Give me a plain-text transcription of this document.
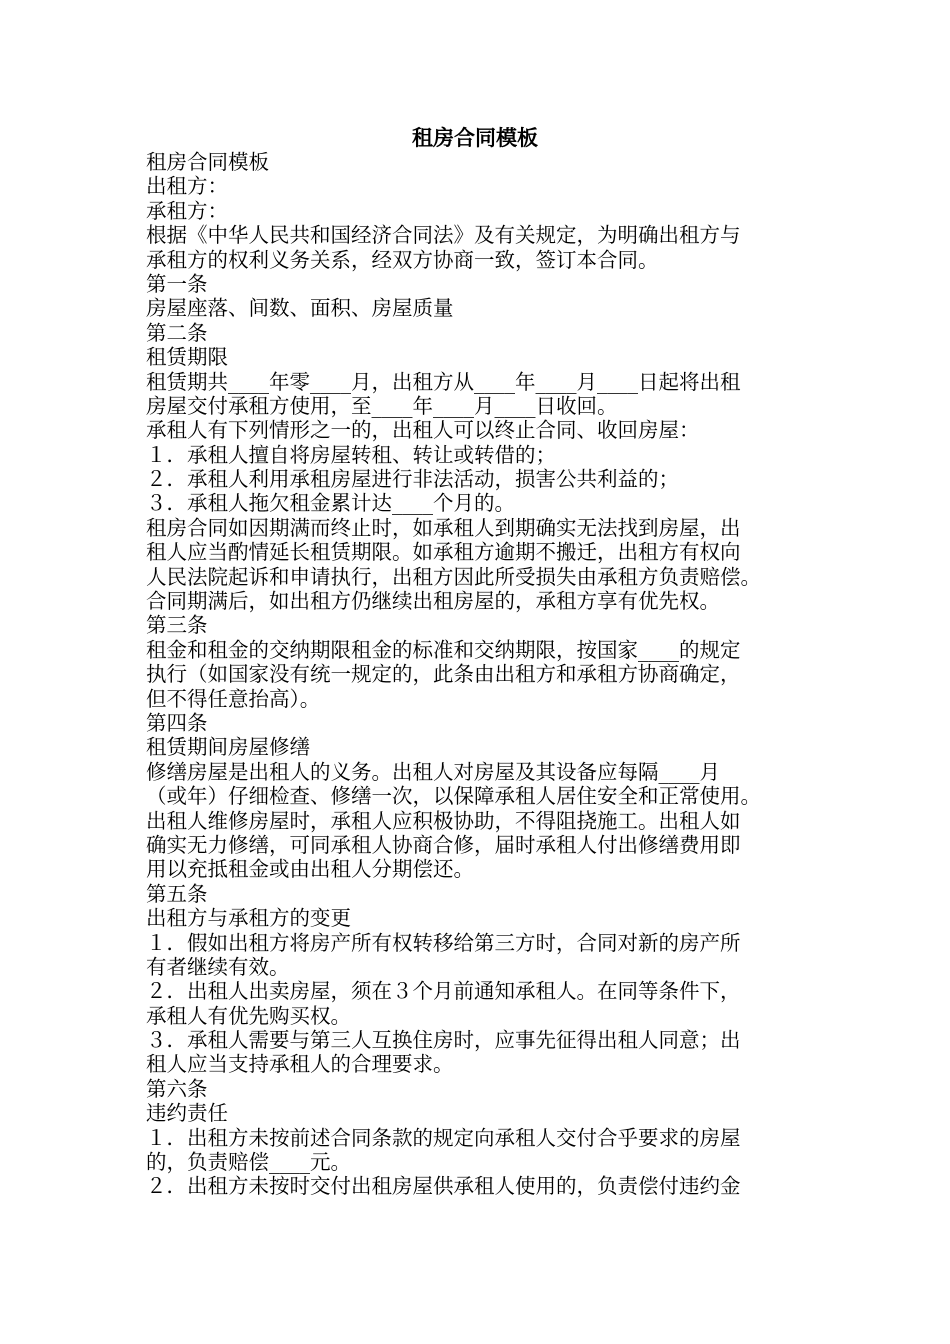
租房合同模板
租房合同模板
出租方：
承租方：
根据《中华人民共和国经济合同法》及有关规定，为明确出租方与
承租方的权利义务关系，经双方协商一致，签订本合同。
第一条
房屋座落、间数、面积、房屋质量
第二条
租赁期限
租赁期共____年零____月，出租方从____年____月____日起将出租
房屋交付承租方使用，至____年____月____日收回。
承租人有下列情形之一的，出租人可以终止合同、收回房屋：
１．承租人擅自将房屋转租、转让或转借的；
２．承租人利用承租房屋进行非法活动，损害公共利益的；
３．承租人拖欠租金累计达____个月的。
租房合同如因期满而终止时，如承租人到期确实无法找到房屋，出
租人应当酌情延长租赁期限。如承租方逾期不搬迁，出租方有权向
人民法院起诉和申请执行，出租方因此所受损失由承租方负责赔偿。
合同期满后，如出租方仍继续出租房屋的，承租方享有优先权。
第三条
租金和租金的交纳期限租金的标准和交纳期限，按国家____的规定
执行（如国家没有统一规定的，此条由出租方和承租方协商确定，
但不得任意抬高）。
第四条
租赁期间房屋修缮
修缮房屋是出租人的义务。出租人对房屋及其设备应每隔____月
（或年）仔细检查、修缮一次，以保障承租人居住安全和正常使用。
出租人维修房屋时，承租人应积极协助，不得阻挠施工。出租人如
确实无力修缮，可同承租人协商合修，届时承租人付出修缮费用即
用以充抵租金或由出租人分期偿还。
第五条
出租方与承租方的变更
１．假如出租方将房产所有权转移给第三方时，合同对新的房产所
有者继续有效。
２．出租人出卖房屋，须在３个月前通知承租人。在同等条件下，
承租人有优先购买权。
３．承租人需要与第三人互换住房时，应事先征得出租人同意；出
租人应当支持承租人的合理要求。
第六条
违约责任
１．出租方未按前述合同条款的规定向承租人交付合乎要求的房屋
的，负责赔偿____元。
２．出租方未按时交付出租房屋供承租人使用的，负责偿付违约金
